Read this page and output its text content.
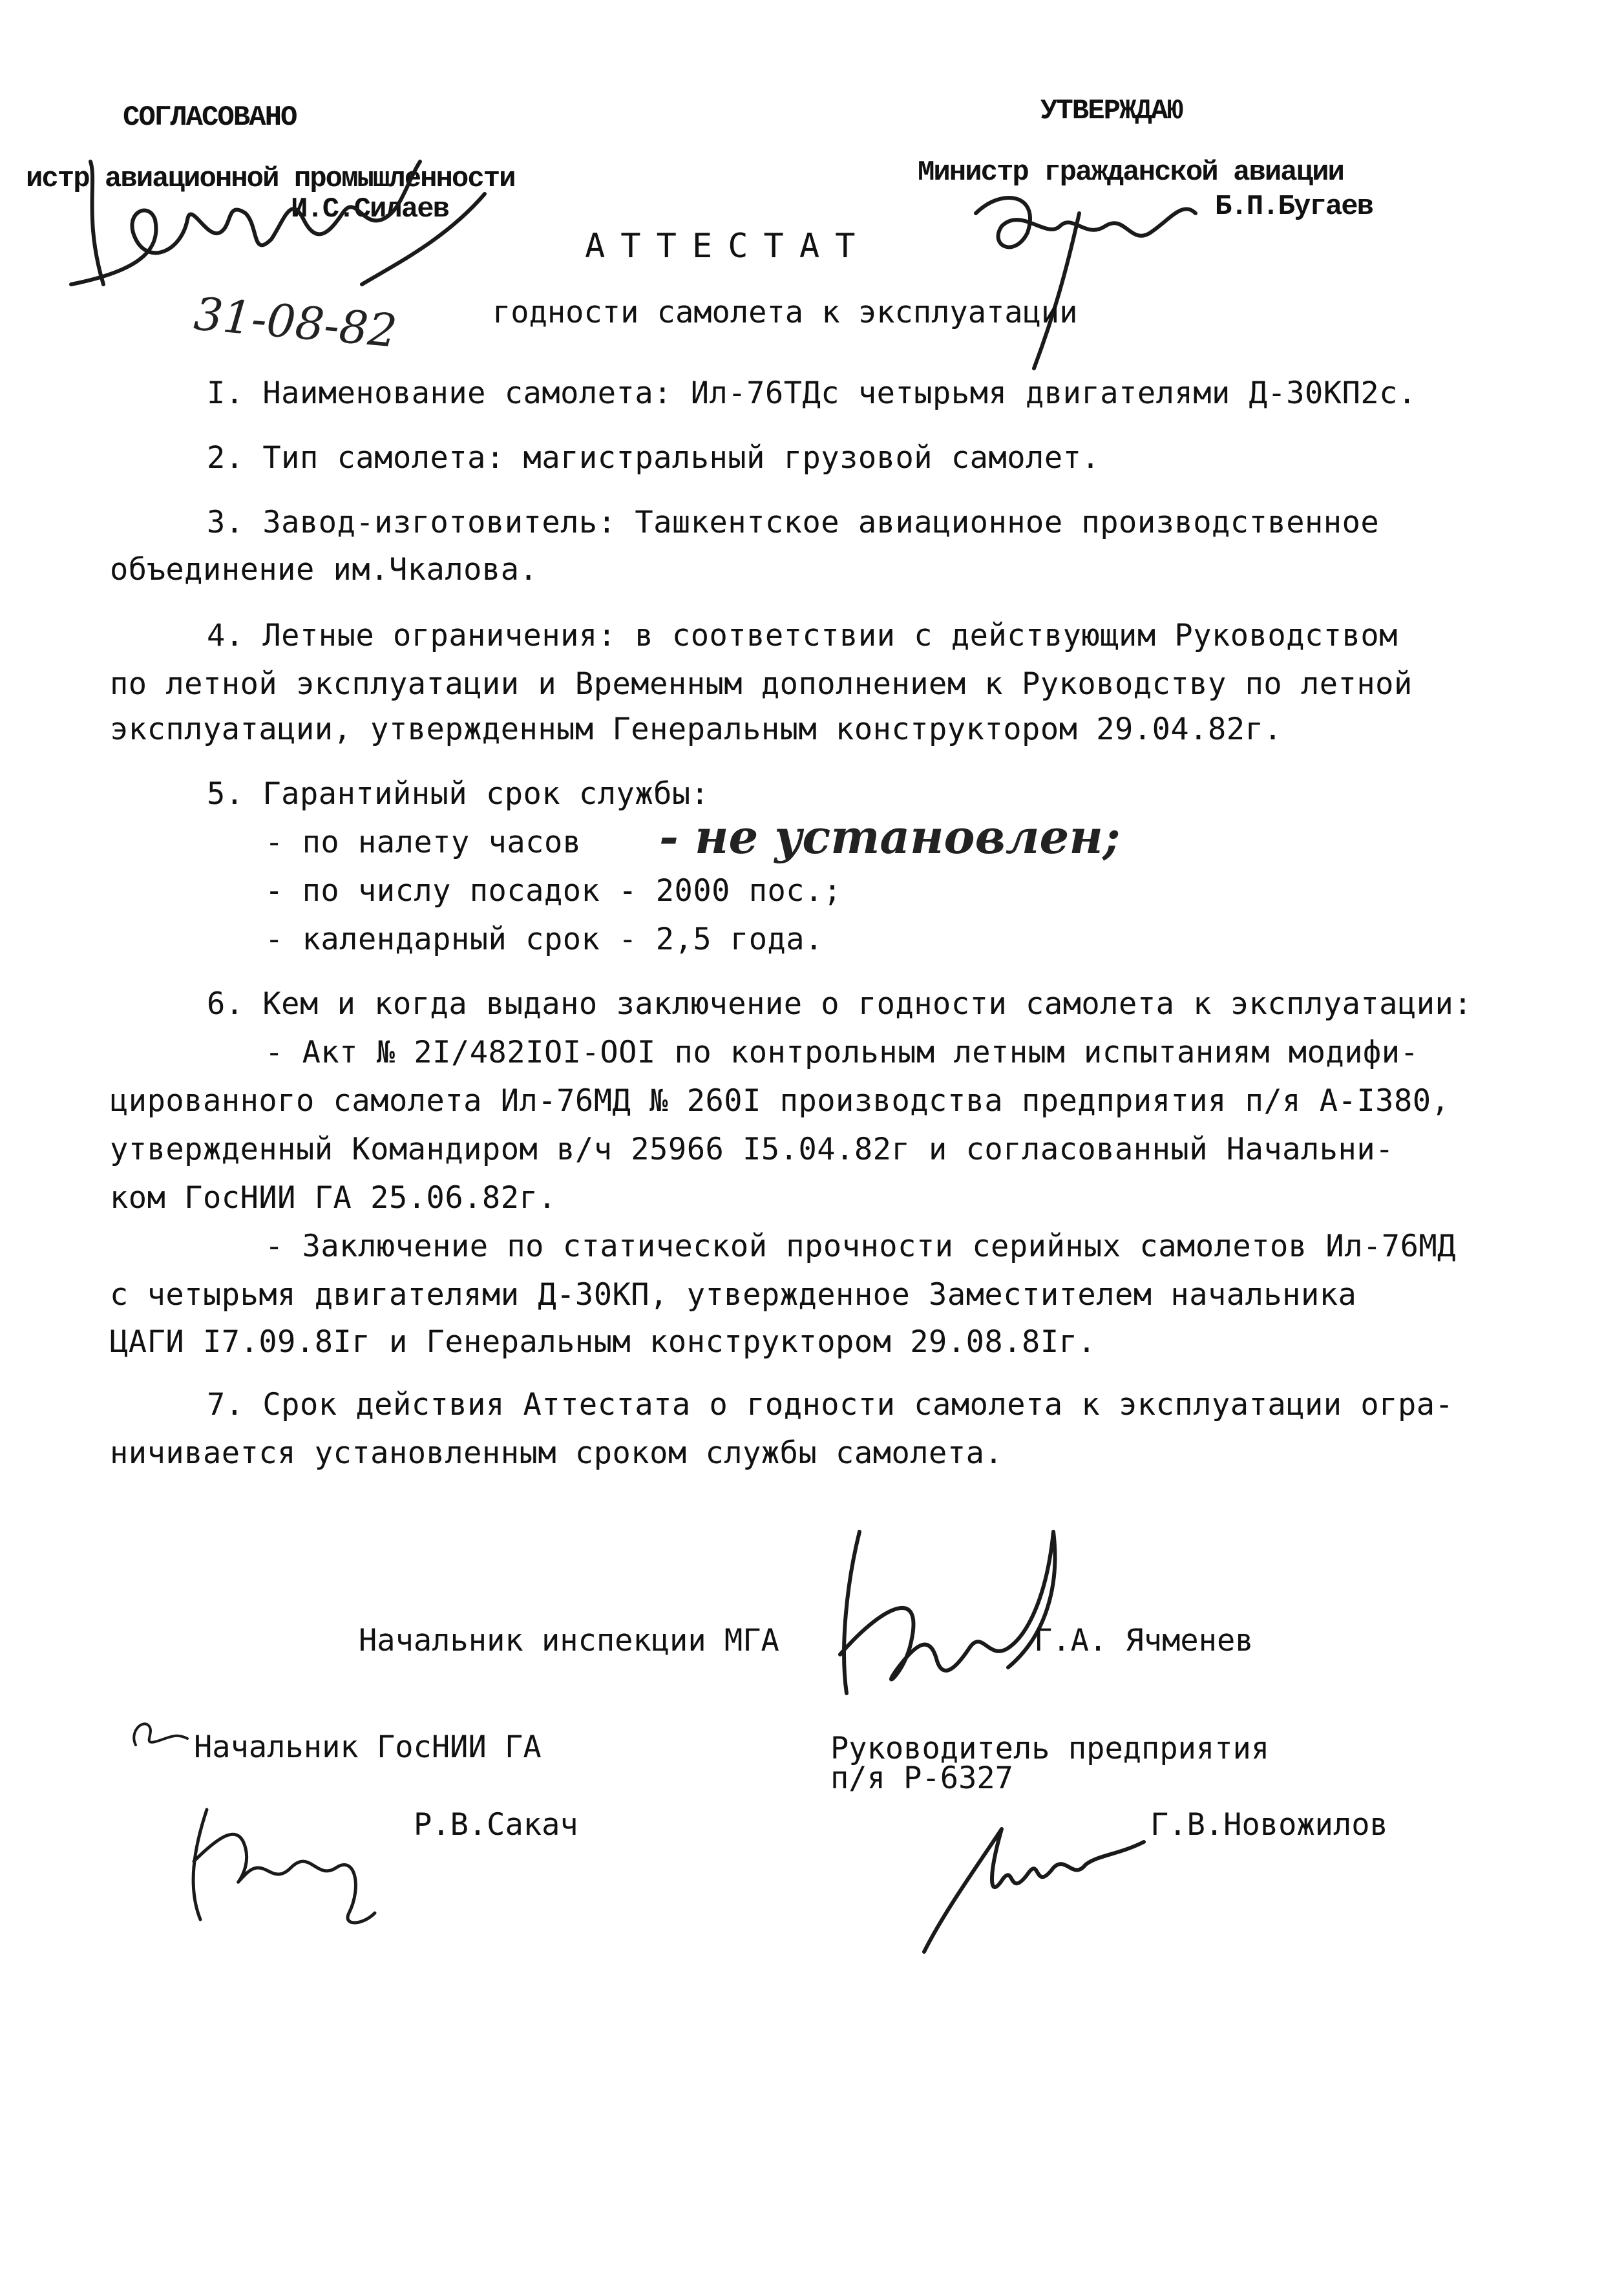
СОГЛАСОВАНО
истр авиационной промышленности
И.С.Силаев
УТВЕРЖДАЮ
Министр гражданской авиации
Б.П.Бугаев
31-08-82
АТТЕСТАТ
годности самолета к эксплуатации
I. Наименование самолета: Ил-76ТДс четырьмя двигателями Д-30КП2с.
2. Тип самолета: магистральный грузовой самолет.
3. Завод-изготовитель: Ташкентское авиационное производственное
объединение им.Чкалова.
4. Летные ограничения: в соответствии с действующим Руководством
по летной эксплуатации и Временным дополнением к Руководству по летной
эксплуатации, утвержденным Генеральным конструктором 29.04.82г.
5. Гарантийный срок службы:
- по налету часов - не установлен;
- по числу посадок - 2000 пос.;
- календарный срок - 2,5 года.
6. Кем и когда выдано заключение о годности самолета к эксплуатации:
- Акт № 2I/482IOI-OOI по контрольным летным испытаниям модифи-
цированного самолета Ил-76МД № 260I производства предприятия п/я А-I380,
утвержденный Командиром в/ч 25966 I5.04.82г и согласованный Начальни-
ком ГосНИИ ГА 25.06.82г.
- Заключение по статической прочности серийных самолетов Ил-76МД
с четырьмя двигателями Д-30КП, утвержденное Заместителем начальника
ЦАГИ I7.09.8Iг и Генеральным конструктором 29.08.8Iг.
7. Срок действия Аттестата о годности самолета к эксплуатации огра-
ничивается установленным сроком службы самолета.
Начальник инспекции МГА	Г.А. Ячменев
Начальник ГосНИИ ГА
Р.В.Сакач
Руководитель предприятия
п/я Р-6327
Г.В.Новожилов
